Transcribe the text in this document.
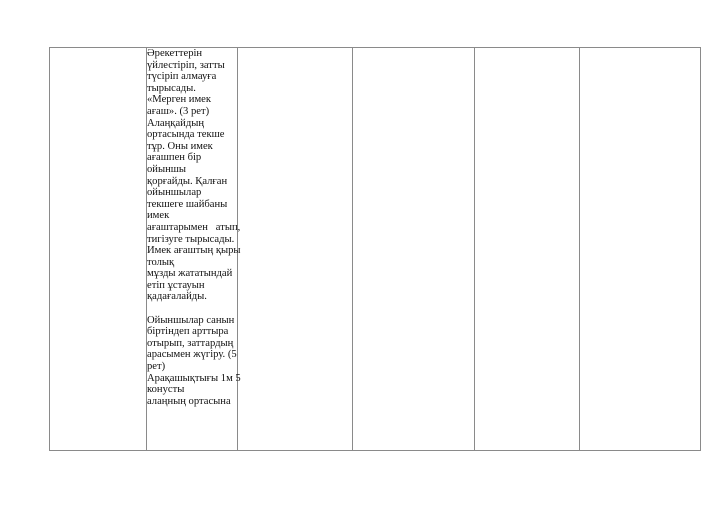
Әрекеттерін
үйлестіріп, затты
түсіріп алмауға
тырысады.
«Мерген имек
ағаш». (3 рет)
Алаңқайдың
ортасында текше
тұр. Оны имек
ағашпен бір
ойыншы
қорғайды. Қалған
ойыншылар
текшеге шайбаны
имек
ағаштарымен   атып,
тигізуге тырысады.
Имек ағаштың қыры
толық
мұзды жататындай
етіп ұстауын
қадағалайды.
Ойыншылар санын
біртіндеп арттыра
отырып, заттардың
арасымен жүгіру. (5
рет)
Арақашықтығы 1м 5
конусты
алаңның ортасына
